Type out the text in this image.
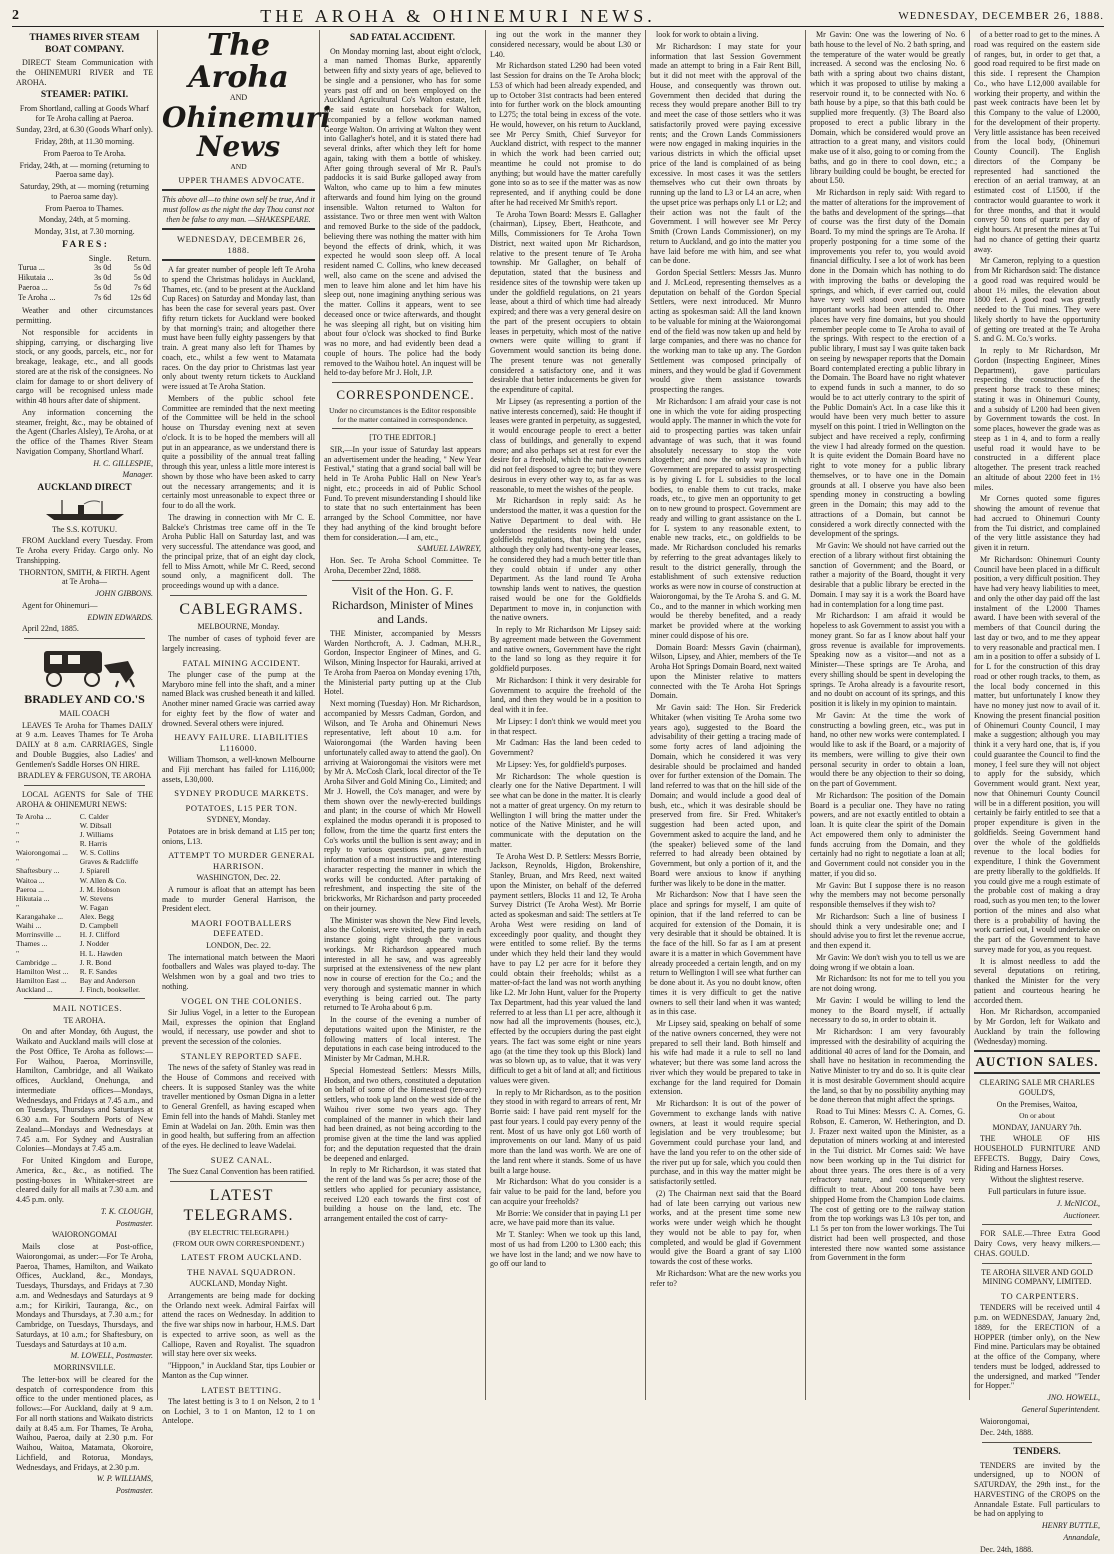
2	THE AROHA & OHINEMURI NEWS.	WEDNESDAY, DECEMBER 26, 1888.

THAMES RIVER STEAM BOAT COMPANY.

DIRECT Steam Communication with the OHINEMURI RIVER and TE AROHA.

STEAMER: PATIKI.

From Shortland, calling at Goods Wharf for Te Aroha calling at Paeroa.

Sunday, 23rd, at 6.30 (Goods Wharf only).

Friday, 28th, at 11.30 morning.

From Paeroa to Te Aroha.

Friday, 24th, at — morning (returning to Paeroa same day).

Saturday, 29th, at — morning (returning to Paeroa same day).

From Paeroa to Thames.

Monday, 24th, at 5 morning.

Monday, 31st, at 7.30 morning.

F A R E S :

	Single.	Return.
Turua ...	3s 0d	5s 0d
Hikutaia ...	3s 0d	5s 0d
Paeroa ...	5s 0d	7s 6d
Te Aroha ...	7s 6d	12s 6d

Weather and other circumstances permitting.

Not responsible for accidents in shipping, carrying, or discharging live stock, or any goods, parcels, etc., nor for breakage, leakage, etc., and all goods stored are at the risk of the consignees. No claim for damage to or short delivery of cargo will be recognised unless made within 48 hours after date of shipment.

Any information concerning the steamer, freight, &c., may be obtained of the Agent (Charles Alsley), Te Aroha, or at the office of the Thames River Steam Navigation Company, Shortland Wharf.

H. C. GILLESPIE,

Manager.

AUCKLAND DIRECT

The S.S. KOTUKU.

FROM Auckland every Tuesday. From Te Aroha every Friday. Cargo only. No Transhipping.

THORNTON, SMITH, & FIRTH. Agent at Te Aroha—

JOHN GIBBONS.

Agent for Ohinemuri—

EDWIN EDWARDS.

April 22nd, 1885.

BRADLEY AND CO.'S

MAIL COACH

LEAVES Te Aroha for Thames DAILY at 9 a.m. Leaves Thames for Te Aroha DAILY at 8 a.m. CARRIAGES, Single and Double Buggies, also Ladies' and Gentlemen's Saddle Horses ON HIRE.

BRADLEY & FERGUSON, TE AROHA

LOCAL AGENTS for Sale of THE AROHA & OHINEMURI NEWS:

Te Aroha ...	C. Calder
"	W. Dibsall
"	J. Williams
"	R. Harris
Waiorongomai ...	W. S. Collins
"	Graves & Radcliffe
Shaftesbury ...	J. Spiarell
Waitoa ...	W. Allen & Co.
Paeroa ...	J. M. Hobson
Hikutaia ...	W. Stevens
"	W. Fagan
Karangahake ...	Alex. Begg
Waihi ...	D. Campbell
Morrinsville ...	H. J. Clifford
Thames ...	J. Nodder
"	H. L. Hawden
Cambridge ...	J. R. Bond
Hamilton West ...	R. F. Sandes
Hamilton East ...	Bay and Anderson
Auckland ...	J. Finch, bookseller.

MAIL NOTICES.

TE AROHA.

On and after Monday, 6th August, the Waikato and Auckland mails will close at the Post Office, Te Aroha as follows:—For Waihou, Paeroa, Morrinsville, Hamilton, Cambridge, and all Waikato offices, Auckland, Onehunga, and intermediate offices—Mondays, Wednesdays, and Fridays at 7.45 a.m., and on Tuesdays, Thursdays and Saturdays at 6.30 a.m. For Southern Ports of New Zealand—Mondays and Wednesdays at 7.45 a.m. For Sydney and Australian Colonies—Mondays at 7.45 a.m.

For United Kingdom and Europe, America, &c., &c., as notified. The posting-boxes in Whitaker-street are cleared daily for all mails at 7.30 a.m. and 4.45 p.m. only.

T. K. CLOUGH,

Postmaster.

WAIORONGOMAI

Mails close at Post-office, Waiorongomai, as under:—For Te Aroha, Paeroa, Thames, Hamilton, and Waikato Offices, Auckland, &c., Mondays, Tuesdays, Thursdays, and Fridays at 7.30 a.m. and Wednesdays and Saturdays at 9 a.m.; for Kirikiri, Tauranga, &c., on Mondays and Thursdays, at 7.30 a.m.; for Cambridge, on Tuesdays, Thursdays, and Saturdays, at 10 a.m.; for Shaftesbury, on Tuesdays and Saturdays at 10 a.m.

M. LOWELL, Postmaster.

MORRINSVILLE.

The letter-box will be cleared for the despatch of correspondence from this office to the under mentioned places, as follows:—For Auckland, daily at 9 a.m. For all north stations and Waikato districts daily at 8.45 a.m. For Thames, Te Aroha, Waihou, Paeroa, daily at 2.30 p.m. For Waihou, Waitoa, Matamata, Okoroire, Lichfield, and Rotorua, Mondays, Wednesdays, and Fridays, at 2.30 p.m.

W. P. WILLIAMS,

Postmaster.

The Aroha
AND
Ohinemuri News

AND

UPPER THAMES ADVOCATE.

This above all—to thine own self be true, And it must follow as the night the day Thou canst not then be false to any man. —SHAKESPEARE.

WEDNESDAY, DECEMBER 26, 1888.

A far greater number of people left Te Aroha to spend the Christmas holidays in Auckland, Thames, etc. (and to be present at the Auckland Cup Races) on Saturday and Monday last, than has been the case for several years past. Over fifty return tickets for Auckland were booked by that morning's train; and altogether there must have been fully eighty passengers by that train. A great many also left for Thames by coach, etc., whilst a few went to Matamata races. On the day prior to Christmas last year only about twenty return tickets to Auckland were issued at Te Aroha Station.

Members of the public school fete Committee are reminded that the next meeting of the Committee will be held in the school house on Thursday evening next at seven o'clock. It is to be hoped the members will all put in an appearance, as we understand there is quite a possibility of the annual treat falling through this year, unless a little more interest is shown by those who have been asked to carry out the necessary arrangements; and it is certainly most unreasonable to expect three or four to do all the work.

The drawing in connection with Mr C. E. Balcke's Christmas tree came off in the Te Aroha Public Hall on Saturday last, and was very successful. The attendance was good, and the principal prize, that of an eight day clock, fell to Miss Arnott, while Mr C. Reed, second sound only, a magnificent doll. The proceedings wound up with a dance.

CABLEGRAMS.

MELBOURNE, Monday.

The number of cases of typhoid fever are largely increasing.

FATAL MINING ACCIDENT.

The plunger case of the pump at the Maryboro mine fell into the shaft, and a miner named Black was crushed beneath it and killed. Another miner named Gracie was carried away for eighty feet by the flow of water and drowned. Several others were injured.

HEAVY FAILURE. LIABILITIES L116000.

William Thomson, a well-known Melbourne and Fiji merchant has failed for L116,000; assets, L30,000.

SYDNEY PRODUCE MARKETS.

POTATOES, L15 PER TON.

SYDNEY, Monday.

Potatoes are in brisk demand at L15 per ton; onions, L13.

ATTEMPT TO MURDER GENERAL HARRISON.

WASHINGTON, Dec. 22.

A rumour is afloat that an attempt has been made to murder General Harrison, the President elect.

MAORI FOOTBALLERS DEFEATED.

LONDON, Dec. 22.

The international match between the Maori footballers and Wales was played to-day. The Welshmen won by a goal and two tries to nothing.

VOGEL ON THE COLONIES.

Sir Julius Vogel, in a letter to the European Mail, expresses the opinion that England would, if necessary, use powder and shot to prevent the secession of the colonies.

STANLEY REPORTED SAFE.

The news of the safety of Stanley was read in the House of Commons and received with cheers. It is supposed Stanley was the white traveller mentioned by Osman Digna in a letter to General Grenfell, as having escaped when Emin fell into the hands of Mahdi. Stanley met Emin at Wadelai on Jan. 20th. Emin was then in good health, but suffering from an affection of the eyes. He declined to leave Wadelai.

SUEZ CANAL.

The Suez Canal Convention has been ratified.

LATEST TELEGRAMS.

(BY ELECTRIC TELEGRAPH.)

(FROM OUR OWN CORRESPONDENT.)

LATEST FROM AUCKLAND.

THE NAVAL SQUADRON.

AUCKLAND, Monday Night.

Arrangements are being made for docking the Orlando next week. Admiral Fairfax will attend the races on Wednesday. In addition to the five war ships now in harbour, H.M.S. Dart is expected to arrive soon, as well as the Calliope, Raven and Royalist. The squadron will stay here over six weeks.

"Hippoon," in Auckland Star, tips Loubier or Manton as the Cup winner.

LATEST BETTING.

The latest betting is 3 to 1 on Nelson, 2 to 1 on Lochiel, 3 to 1 on Manton, 12 to 1 on Antelope.

SAD FATAL ACCIDENT.

On Monday morning last, about eight o'clock, a man named Thomas Burke, apparently between fifty and sixty years of age, believed to be single and a pensioner, who has for some years past off and on been employed on the Auckland Agricultural Co's Walton estate, left the said estate on horseback for Walton, accompanied by a fellow workman named George Walton. On arriving at Walton they went into Gallagher's hotel, and it is stated there had several drinks, after which they left for home again, taking with them a bottle of whiskey. After going through several of Mr R. Paul's paddocks it is said Burke galloped away from Walton, who came up to him a few minutes afterwards and found him lying on the ground insensible. Walton returned to Walton for assistance. Two or three men went with Walton and removed Burke to the side of the paddock, believing there was nothing the matter with him beyond the effects of drink, which, it was expected he would soon sleep off. A local resident named C. Collins, who knew deceased well, also came on the scene and advised the men to leave him alone and let him have his sleep out, none imagining anything serious was the matter. Collins it appears, went to see deceased once or twice afterwards, and thought he was sleeping all right, but on visiting him about four o'clock was shocked to find Burke was no more, and had evidently been dead a couple of hours. The police had the body removed to the Waihou hotel. An inquest will be held to-day before Mr J. Holt, J.P.

CORRESPONDENCE.

Under no circumstances is the Editor responsible for the matter contained in correspondence.

[TO THE EDITOR.]

SIR,—In your issue of Saturday last appears an advertisement under the heading, " New Year Festival," stating that a grand social ball will be held in Te Aroha Public Hall on New Year's night, etc.; proceeds in aid of Public School Fund. To prevent misunderstanding I should like to state that no such entertainment has been arranged by the School Committee, nor have they had anything of the kind brought before them for consideration.—I am, etc.,

SAMUEL LAWREY,

Hon. Sec. Te Aroha School Committee. Te Aroha, December 22nd, 1888.

Visit of the Hon. G. F. Richardson, Minister of Mines and Lands.

THE Minister, accompanied by Messrs Warden Northcroft, A. J. Cadman, M.H.R., Gordon, Inspector Engineer of Mines, and G. Wilson, Mining Inspector for Hauraki, arrived at Te Aroha from Paeroa on Monday evening 17th, the Ministerial party putting up at the Club Hotel.

Next morning (Tuesday) Hon. Mr Richardson, accompanied by Messrs Cadman, Gordon, and Wilson, and Te Aroha and Ohinemuri News representative, left about 10 a.m. for Waiorongomai (the Warden having been unfortunately called away to attend the gaol). On arriving at Waiorongomai the visitors were met by Mr A. McCosh Clark, local director of the Te Aroha Silver and Gold Mining Co., Limited; and Mr J. Howell, the Co's manager, and were by them shown over the newly-erected buildings and plant; in the course of which Mr Howell explained the modus operandi it is proposed to follow, from the time the quartz first enters the Co's works until the bullion is sent away; and in reply to various questions put, gave much information of a most instructive and interesting character respecting the manner in which the works will be conducted. After partaking of refreshment, and inspecting the site of the brickworks, Mr Richardson and party proceeded on their journey.

The Minister was shown the New Find levels, also the Colonist, were visited, the party in each instance going right through the various workings. Mr Richardson appeared much interested in all he saw, and was agreeably surprised at the extensiveness of the new plant now in course of erection for the Co.; and the very thorough and systematic manner in which everything is being carried out. The party returned to Te Aroha about 6 p.m.

In the course of the evening a number of deputations waited upon the Minister, re the following matters of local interest. The deputations in each case being introduced to the Minister by Mr Cadman, M.H.R.

Special Homestead Settlers: Messrs Mills, Hodson, and two others, constituted a deputation on behalf of some of the Homestead (ten-acre) settlers, who took up land on the west side of the Waihou river some two years ago. They complained of the manner in which their land had been drained, as not being according to the promise given at the time the land was applied for; and the deputation requested that the drain be deepened and enlarged.

In reply to Mr Richardson, it was stated that the rent of the land was 5s per acre; those of the settlers who applied for pecuniary assistance, received L20 each towards the first cost of building a house on the land, etc. The arrangement entailed the cost of carry-

ing out the work in the manner they considered necessary, would be about L30 or L40.

Mr Richardson stated L290 had been voted last Session for drains on the Te Aroha block; L53 of which had been already expended, and up to October 31st contracts had been entered into for further work on the block amounting to L275; the total being in excess of the vote. He would, however, on his return to Auckland, see Mr Percy Smith, Chief Surveyor for Auckland district, with respect to the manner in which the work had been carried out; meantime he could not promise to do anything; but would have the matter carefully gone into so as to see if the matter was as now represented, and if anything could be done after he had received Mr Smith's report.

Te Aroha Town Board: Messrs E. Gallagher (chairman), Lipsey, Ebert, Heathcote, and Mills, Commissioners for Te Aroha Town District, next waited upon Mr Richardson, relative to the present tenure of Te Aroha township. Mr Gallagher, on behalf of deputation, stated that the business and residence sites of the township were taken up under the goldfield regulations, on 21 years lease, about a third of which time had already expired; and there was a very general desire on the part of the present occupiers to obtain leases in perpetuity, which most of the native owners were quite willing to grant if Government would sanction its being done. The present tenure was not generally considered a satisfactory one, and it was desirable that better inducements be given for the expenditure of capital.

Mr Lipsey (as representing a portion of the native interests concerned), said: He thought if leases were granted in perpetuity, as suggested, it would encourage people to erect a better class of buildings, and generally to expend more; and also perhaps set at rest for ever the desire for a freehold, which the native owners did not feel disposed to agree to; but they were desirous in every other way to, as far as was reasonable, to meet the wishes of the people.

Mr Richardson in reply said: As he understood the matter, it was a question for the Native Department to deal with. He understood the residents now held under goldfields regulations, that being the case, although they only had twenty-one year leases, he considered they had a much better title than they could obtain if under any other Department. As the land round Te Aroha township lands went to natives, the question raised would be one for the Goldfields Department to move in, in conjunction with the native owners.

In reply to Mr Richardson Mr Lipsey said: By agreement made between the Government and native owners, Government have the right to the land so long as they require it for goldfield purposes.

Mr Richardson: I think it very desirable for Government to acquire the freehold of the land, and then they would be in a position to deal with it in fee.

Mr Lipsey: I don't think we would meet you in that respect.

Mr Cadman: Has the land been ceded to Government?

Mr Lipsey: Yes, for goldfield's purposes.

Mr Richardson: The whole question is clearly one for the Native Department. I will see what can be done in the matter. It is clearly not a matter of great urgency. On my return to Wellington I will bring the matter under the notice of the Native Minister, and he will communicate with the deputation on the matter.

Te Aroha West D. P. Settlers: Messrs Borrie, Jackson, Reynolds, Higdon, Brokenshire, Stanley, Bruan, and Mrs Reed, next waited upon the Minister, on behalf of the deferred payment settlers, Blocks 11 and 12, Te Aroha Survey District (Te Aroha West). Mr Borrie acted as spokesman and said: The settlers at Te Aroha West were residing on land of exceedingly poor quality, and thought they were entitled to some relief. By the terms under which they held their land they would have to pay L2 per acre for it before they could obtain their freeholds; whilst as a matter-of-fact the land was not worth anything like L2. Mr John Hunt, valuer for the Property Tax Department, had this year valued the land referred to at less than L1 per acre, although it now had all the improvements (houses, etc.), effected by the occupiers during the past eight years. The fact was some eight or nine years ago (at the time they took up this Block) land was so blown up, as to value, that it was very difficult to get a bit of land at all; and fictitious values were given.

In reply to Mr Richardson, as to the position they stood in with regard to arrears of rent, Mr Borrie said: I have paid rent myself for the past four years. I could pay every penny of the rent. Most of us have only got L60 worth of improvements on our land. Many of us paid more than the land was worth. We are one of the land rent where it stands. Some of us have built a large house.

Mr Richardson: What do you consider is a fair value to be paid for the land, before you can acquire your freeholds?

Mr Borrie: We consider that in paying L1 per acre, we have paid more than its value.

Mr T. Stanley: When we took up this land, most of us had from L200 to L300 each; this we have lost in the land; and we now have to go off our land to

look for work to obtain a living.

Mr Richardson: I may state for your information that last Session Government made an attempt to bring in a Fair Rent Bill, but it did not meet with the approval of the House, and consequently was thrown out. Government then decided that during the recess they would prepare another Bill to try and meet the case of those settlers who it was satisfactorily proved were paying excessive rents; and the Crown Lands Commissioners were now engaged in making inquiries in the various districts in which the official upset price of the land is complained of as being excessive. In most cases it was the settlers themselves who cut their own throats by running up the land to L3 or L4 an acre, when the upset price was perhaps only L1 or L2; and their action was not the fault of the Government. I will however see Mr Percy Smith (Crown Lands Commissioner), on my return to Auckland, and go into the matter you have laid before me with him, and see what can be done.

Gordon Special Settlers: Messrs Jas. Munro and J. McLeod, representing themselves as a deputation on behalf of the Gordon Special Settlers, were next introduced. Mr Munro acting as spokesman said: All the land known to be valuable for mining at the Waiorongomai end of the field was now taken up and held by large companies, and there was no chance for the working man to take up any. The Gordon Settlement was composed principally of miners, and they would be glad if Government would give them assistance towards prospecting the ranges.

Mr Richardson: I am afraid your case is not one in which the vote for aiding prospecting would apply. The manner in which the vote for aid to prospecting parties was taken unfair advantage of was such, that it was found absolutely necessary to stop the vote altogether; and now the only way in which Government are prepared to assist prospecting is by giving L for L subsidies to the local bodies, to enable them to cut tracks, make roads, etc., to give men an opportunity to get on to new ground to prospect. Government are ready and willing to grant assistance on the L for L system to any reasonable extent, to enable new tracks, etc., on goldfields to be made. Mr Richardson concluded his remarks by referring to the great advantages likely to result to the district generally, through the establishment of such extensive reduction works as were now in course of construction at Waiorongomai, by the Te Aroha S. and G. M. Co., and to the manner in which working men would be thereby benefited, and a ready market be provided where at the working miner could dispose of his ore.

Domain Board: Messrs Gavin (chairman), Wilson, Lipsey, and Ahier, members of the Te Aroha Hot Springs Domain Board, next waited upon the Minister relative to matters connected with the Te Aroha Hot Springs Domain.

Mr Gavin said: The Hon. Sir Frederick Whitaker (when visiting Te Aroha some two years ago), suggested to the Board the advisability of their getting a tracing made of some forty acres of land adjoining the Domain, which he considered it was very desirable should be proclaimed and handed over for further extension of the Domain. The land referred to was that on the hill side of the Domain; and would include a good deal of bush, etc., which it was desirable should be preserved from fire. Sir Fred. Whitaker's suggestion had been acted upon, and Government asked to acquire the land, and he (the speaker) believed some of the land referred to had already been obtained by Government, but only a portion of it, and the Board were anxious to know if anything further was likely to be done in the matter.

Mr Richardson: Now that I have seen the place and springs for myself, I am quite of opinion, that if the land referred to can be acquired for extension of the Domain, it is very desirable that it should be obtained. It is the face of the hill. So far as I am at present aware it is a matter in which Government have already proceeded a certain length, and on my return to Wellington I will see what further can be done about it. As you no doubt know, often times it is very difficult to get the native owners to sell their land when it was wanted; as in this case.

Mr Lipsey said, speaking on behalf of some of the native owners concerned, they were not prepared to sell their land. Both himself and his wife had made it a rule to sell no land whatever; but there was some land across the river which they would be prepared to take in exchange for the land required for Domain extension.

Mr Richardson: It is out of the power of Government to exchange lands with native owners, at least it would require special legislation and be very troublesome; but Government could purchase your land, and have the land you refer to on the other side of the river put up for sale, which you could then purchase, and in this way the matter might be satisfactorily settled.

(2) The Chairman next said that the Board had of late been carrying out various new works, and at the present time some new works were under weigh which he thought they would not be able to pay for, when completed, and would be glad if Government would give the Board a grant of say L100 towards the cost of these works.

Mr Richardson: What are the new works you refer to?

Mr Gavin: One was the lowering of No. 6 bath house to the level of No. 2 bath spring, and the temperature of the water would be greatly increased. A second was the enclosing No. 6 bath with a spring about two chains distant, which it was proposed to utilise by making a reservoir round it, to be connected with No. 6 bath house by a pipe, so that this bath could be supplied more frequently. (3) The Board also proposed to erect a public library in the Domain, which be considered would prove an attraction to a great many, and visitors could make use of it also, going to or coming from the baths, and go in there to cool down, etc.; a library building could be bought, be erected for about L50.

Mr Richardson in reply said: With regard to the matter of alterations for the improvement of the baths and development of the springs—that of course was the first duty of the Domain Board. To my mind the springs are Te Aroha. If properly postponing for a time some of the improvements you refer to, you would avoid financial difficulty. I see a lot of work has been done in the Domain which has nothing to do with improving the baths or developing the springs, and which, if ever carried out, could have very well stood over until the more important works had been attended to. Other places have very fine domains, but you should remember people come to Te Aroha to avail of the springs. With respect to the erection of a public library, I must say I was quite taken back on seeing by newspaper reports that the Domain Board contemplated erecting a public library in the Domain. The Board have no right whatever to expend funds in such a manner, to do so would be to act utterly contrary to the spirit of the Public Domain's Act. In a case like this it would have been very much better to assure myself on this point. I tried in Wellington on the subject and have received a reply, confirming the view I had already formed on the question. It is quite evident the Domain Board have no right to vote money for a public library themselves, or to have one in the Domain grounds at all. I observe you have also been spending money in constructing a bowling green in the Domain; this may add to the attractions of a Domain, but cannot be considered a work directly connected with the development of the springs.

Mr Gavin: We should not have carried out the erection of a library without first obtaining the sanction of Government; and the Board, or rather a majority of the Board, thought it very desirable that a public library be erected in the Domain. I may say it is a work the Board have had in contemplation for a long time past.

Mr Richardson: I am afraid it would be hopeless to ask Government to assist you with a money grant. So far as I know about half your gross revenue is available for improvements. Speaking now as a visitor—and not as a Minister—These springs are Te Aroha, and every shilling should be spent in developing the springs. Te Aroha already is a favourite resort, and no doubt on account of its springs, and this position it is likely in my opinion to maintain.

Mr Gavin: At the time the work of constructing a bowling green, etc., was put in hand, no other new works were contemplated. I would like to ask if the Board, or a majority of its members, were willing to give their own personal security in order to obtain a loan, would there be any objection to their so doing, on the part of Government.

Mr Richardson: The position of the Domain Board is a peculiar one. They have no rating powers, and are not exactly entitled to obtain a loan. It is quite clear the spirit of the Domain Act empowered them only to administer the funds accruing from the Domain, and they certainly had no right to negotiate a loan at all; and Government could not consider you in the matter, if you did so.

Mr Gavin: But I suppose there is no reason why the members may not become personally responsible themselves if they wish to?

Mr Richardson: Such a line of business I should think a very undesirable one; and I should advise you to first let the revenue accrue, and then expend it.

Mr Gavin: We don't wish you to tell us we are doing wrong if we obtain a loan.

Mr Richardson: Its not for me to tell you you are not doing wrong.

Mr Gavin: I would be willing to lend the money to the Board myself, if actually necessary to do so, in order to obtain it.

Mr Richardson: I am very favourably impressed with the desirability of acquiring the additional 40 acres of land for the Domain, and shall have no hesitation in recommending the Native Minister to try and do so. It is quite clear it is most desirable Government should acquire the land, so that by no possibility anything may be done thereon that might affect the springs.

Road to Tui Mines: Messrs C. A. Cornes, G. Robson, E. Cameron, W. Hetherington, and D. J. Frazer next waited upon the Minister, as a deputation of miners working at and interested in the Tui district. Mr Cornes said: We have now been working up in the Tui district for about three years. The ores there is of a very refractory nature, and consequently very difficult to treat. About 200 tons have been shipped Home from the Champion Lode claims. The cost of getting ore to the railway station from the top workings was L3 10s per ton, and L1 5s per ton from the lower workings. The Tui district had been well prospected, and those interested there now wanted some assistance from Government in the form

of a better road to get to the mines. A road was required on the eastern side of ranges, but, in order to get that, a good road required to be first made on this side. I represent the Champion Co., who have L12,000 available for working their property, and within the past week contracts have been let by this Company to the value of L2000, for the development of their property. Very little assistance has been received from the local body, (Ohinemuri County Council). The English directors of the Company be represented had sanctioned the erection of an aerial tramway, at an estimated cost of L1500, if the contractor would guarantee to work it for three months, and that it would convey 50 tons of quartz per day of eight hours. At present the mines at Tui had no chance of getting their quartz away.

Mr Cameron, replying to a question from Mr Richardson said: The distance a good road was required would be about 1½ miles, the elevation about 1800 feet. A good road was greatly needed to the Tui mines. They were likely shortly to have the opportunity of getting ore treated at the Te Aroha S. and G. M. Co.'s works.

In reply to Mr Richardson, Mr Gordon (Inspecting Engineer, Mines Department), gave particulars respecting the construction of the present horse track to these mines; stating it was in Ohinemuri County, and a subsidy of L200 had been given by Government towards the cost. In some places, however the grade was as steep as 1 in 4, and to form a really useful road it would have to be constructed in a different place altogether. The present track reached an altitude of about 2200 feet in 1½ miles.

Mr Cornes quoted some figures showing the amount of revenue that had accrued to Ohinemuri County from the Tui district, and complained of the very little assistance they had given it in return.

Mr Richardson: Ohinemuri County Council have been placed in a difficult position, a very difficult position. They have had very heavy liabilities to meet, and only the other day paid off the last instalment of the L2000 Thames award. I have been with several of the members of that Council during the last day or two, and to me they appear to very reasonable and practical men. I am in a position to offer a subsidy of L for L for the construction of this dray road or other rough tracks, to them, as the local body concerned in this matter, but unfortunately I know they have no money just now to avail of it. Knowing the present financial position of Ohinemuri County Council, I may make a suggestion; although you may think it a very hard one, that is, if you could guarantee the Council to find the money, I feel sure they will not object to apply for the subsidy, which Government would grant. Next year, now that Ohinemuri County Council will be in a different position, you will certainly be fairly entitled to see that a proper expenditure is given in the goldfields. Seeing Government hand over the whole of the goldfields revenue to the local bodies for expenditure, I think the Government are pretty liberally to the goldfields. If you could give me a rough estimate of the probable cost of making a dray road, such as you men ten; to the lower portion of the mines and also what there is a probability of having the work carried out, I would undertake on the part of the Government to have survey made for you, as you request.

It is almost needless to add the several deputations on retiring, thanked the Minister for the very patient and courteous hearing he accorded them.

Hon. Mr Richardson, accompanied by Mr Gordon, left for Waikato and Auckland by train the following (Wednesday) morning.

AUCTION SALES.

CLEARING SALE MR CHARLES GOULD'S,

On the Premises, Waitoa,

On or about

MONDAY, JANUARY 7th.

THE WHOLE OF HIS HOUSEHOLD FURNITURE AND EFFECTS. Buggy, Dairy Cows, Riding and Harness Horses.

Without the slightest reserve.

Full particulars in future issue.

J. McNICOL,

Auctioneer.

FOR SALE.—Three Extra Good Dairy Cows, very heavy milkers.—CHAS. GOULD.

TE AROHA SILVER AND GOLD MINING COMPANY, LIMITED.

TO CARPENTERS.

TENDERS will be received until 4 p.m. on WEDNESDAY, January 2nd, 1889, for the ERECTION of a HOPPER (timber only), on the New Find mine. Particulars may be obtained at the office of the Company, where tenders must be lodged, addressed to the undersigned, and marked "Tender for Hopper."

JNO. HOWELL,

General Superintendent.

Waiorongomai,

Dec. 24th, 1888.

TENDERS.

TENDERS are invited by the undersigned, up to NOON of SATURDAY, the 29th inst., for the HARVESTING of the CROPS on the Annandale Estate. Full particulars to be had on applying to

HENRY BUTTLE,

Annandale,

Dec. 24th, 1888.
